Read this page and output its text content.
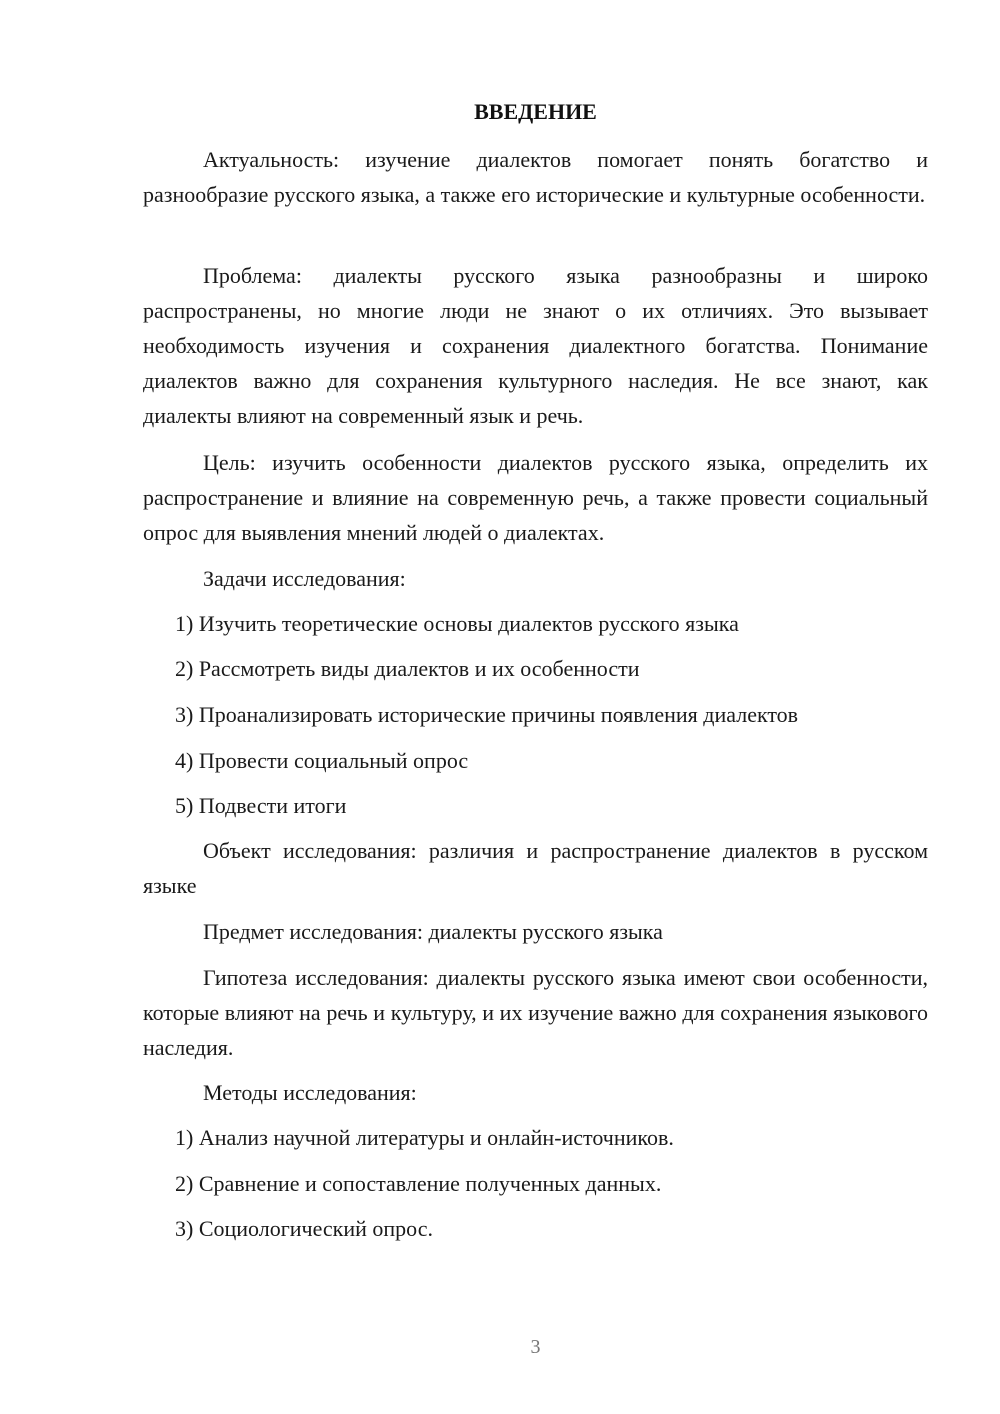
ВВЕДЕНИЕ

Актуальность: изучение диалектов помогает понять богатство и разнообразие русского языка, а также его исторические и культурные особенности.

Проблема: диалекты русского языка разнообразны и широко распространены, но многие люди не знают о их отличиях. Это вызывает необходимость изучения и сохранения диалектного богатства. Понимание диалектов важно для сохранения культурного наследия. Не все знают, как диалекты влияют на современный язык и речь.

Цель: изучить особенности диалектов русского языка, определить их распространение и влияние на современную речь, а также провести социальный опрос для выявления мнений людей о диалектах.

Задачи исследования:

1) Изучить теоретические основы диалектов русского языка

2) Рассмотреть виды диалектов и их особенности

3) Проанализировать исторические причины появления диалектов

4) Провести социальный опрос

5) Подвести итоги

Объект исследования: различия и распространение диалектов в русском языке

Предмет исследования: диалекты русского языка

Гипотеза исследования: диалекты русского языка имеют свои особенности, которые влияют на речь и культуру, и их изучение важно для сохранения языкового наследия.

Методы исследования:

1) Анализ научной литературы и онлайн-источников.

2) Сравнение и сопоставление полученных данных.

3) Социологический опрос.

3
